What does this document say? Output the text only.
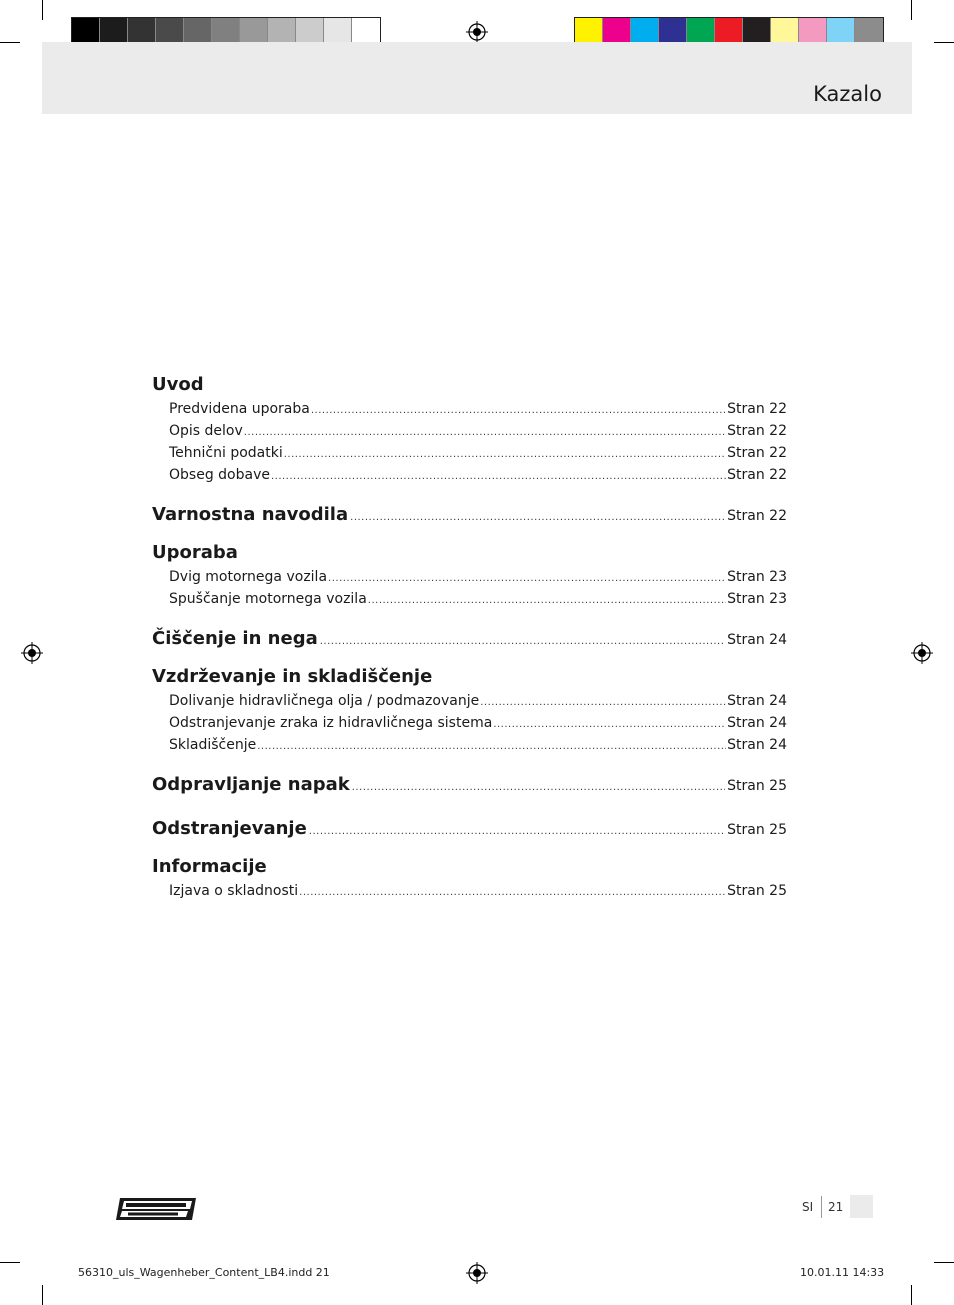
Kazalo
Uvod
Predvidena uporaba .....	Stran 22
Opis delov .....	Stran 22
Tehnični podatki .....	Stran 22
Obseg dobave .....	Stran 22
Varnostna navodila .....	Stran 22
Uporaba
Dvig motornega vozila .....	Stran 23
Spuščanje motornega vozila .....	Stran 23
Čiščenje in nega .....	Stran 24
Vzdrževanje in skladiščenje
Dolivanje hidravličnega olja / podmazovanje .....	Stran 24
Odstranjevanje zraka iz hidravličnega sistema .....	Stran 24
Skladiščenje .....	Stran 24
Odpravljanje napak .....	Stran 25
Odstranjevanje .....	Stran 25
Informacije
Izjava o skladnosti .....	Stran 25
SI 21
56310_uls_Wagenheber_Content_LB4.indd 21	10.01.11 14:33
